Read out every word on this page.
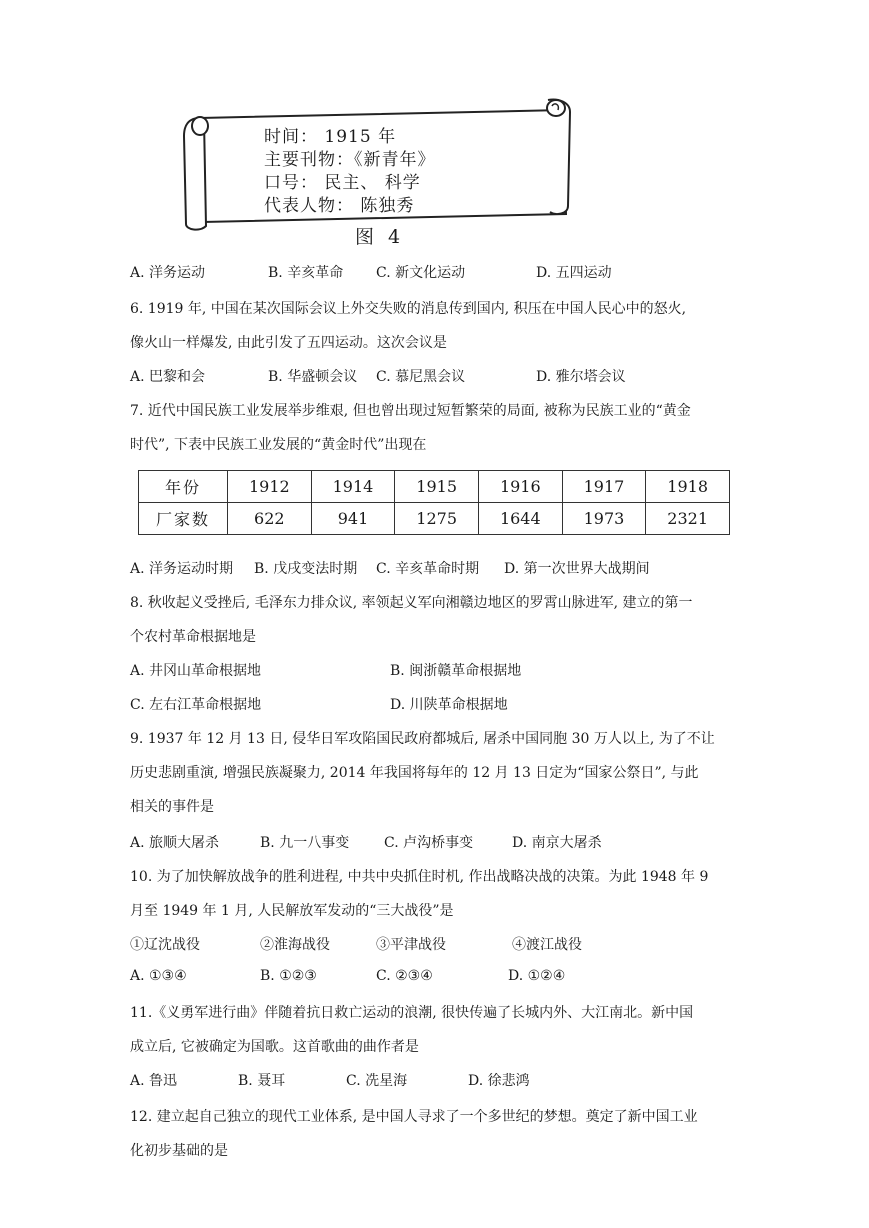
时间： 1915 年
主要刊物：《新青年》
口号： 民主、 科学
代表人物： 陈独秀
图 4
A. 洋务运动	B. 辛亥革命 C. 新文化运动	D. 五四运动
6. 1919 年, 中国在某次国际会议上外交失败的消息传到国内, 积压在中国人民心中的怒火,
像火山一样爆发, 由此引发了五四运动。这次会议是
A. 巴黎和会	B. 华盛顿会议 C. 慕尼黑会议	D. 雅尔塔会议
7. 近代中国民族工业发展举步维艰, 但也曾出现过短暂繁荣的局面, 被称为民族工业的“黄金
时代”, 下表中民族工业发展的“黄金时代”出现在
年份	1912	1914	1915	1916	1917	1918
厂家数	622	941	1275	1644	1973	2321
A. 洋务运动时期 B. 戊戌变法时期 C. 辛亥革命时期 D. 第一次世界大战期间
8. 秋收起义受挫后, 毛泽东力排众议, 率领起义军向湘赣边地区的罗霄山脉进军, 建立的第一
个农村革命根据地是
A. 井冈山革命根据地	B. 闽浙赣革命根据地
C. 左右江革命根据地	D. 川陕革命根据地
9. 1937 年 12 月 13 日, 侵华日军攻陷国民政府都城后, 屠杀中国同胞 30 万人以上, 为了不让
历史悲剧重演, 增强民族凝聚力, 2014 年我国将每年的 12 月 13 日定为“国家公祭日”, 与此
相关的事件是
A. 旅顺大屠杀	B. 九一八事变 C. 卢沟桥事变	D. 南京大屠杀
10. 为了加快解放战争的胜利进程, 中共中央抓住时机, 作出战略决战的决策。为此 1948 年 9
月至 1949 年 1 月, 人民解放军发动的“三大战役”是
①辽沈战役	②淮海战役	③平津战役	④渡江战役
A. ①③④	B. ①②③	C. ②③④	D. ①②④
11.《义勇军进行曲》伴随着抗日救亡运动的浪潮, 很快传遍了长城内外、大江南北。新中国
成立后, 它被确定为国歌。这首歌曲的曲作者是
A. 鲁迅	B. 聂耳	C. 冼星海	D. 徐悲鸿
12. 建立起自己独立的现代工业体系, 是中国人寻求了一个多世纪的梦想。奠定了新中国工业
化初步基础的是
